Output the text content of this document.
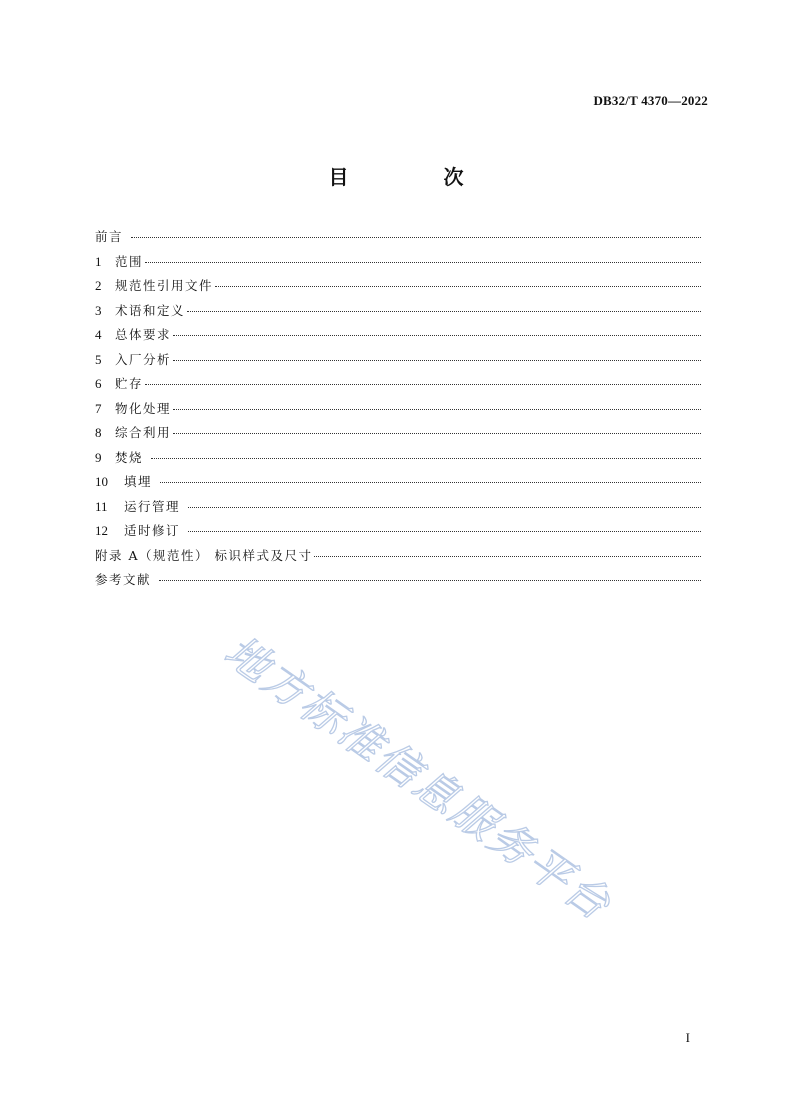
DB32/T 4370—2022
目 次
前言
1	范围
2	规范性引用文件
3	术语和定义
4	总体要求
5	入厂分析
6	贮存
7	物化处理
8	综合利用
9	焚烧
10	填埋
11	运行管理
12	适时修订
附录 A（规范性） 标识样式及尺寸
参考文献
地方标准信息服务平台
I
